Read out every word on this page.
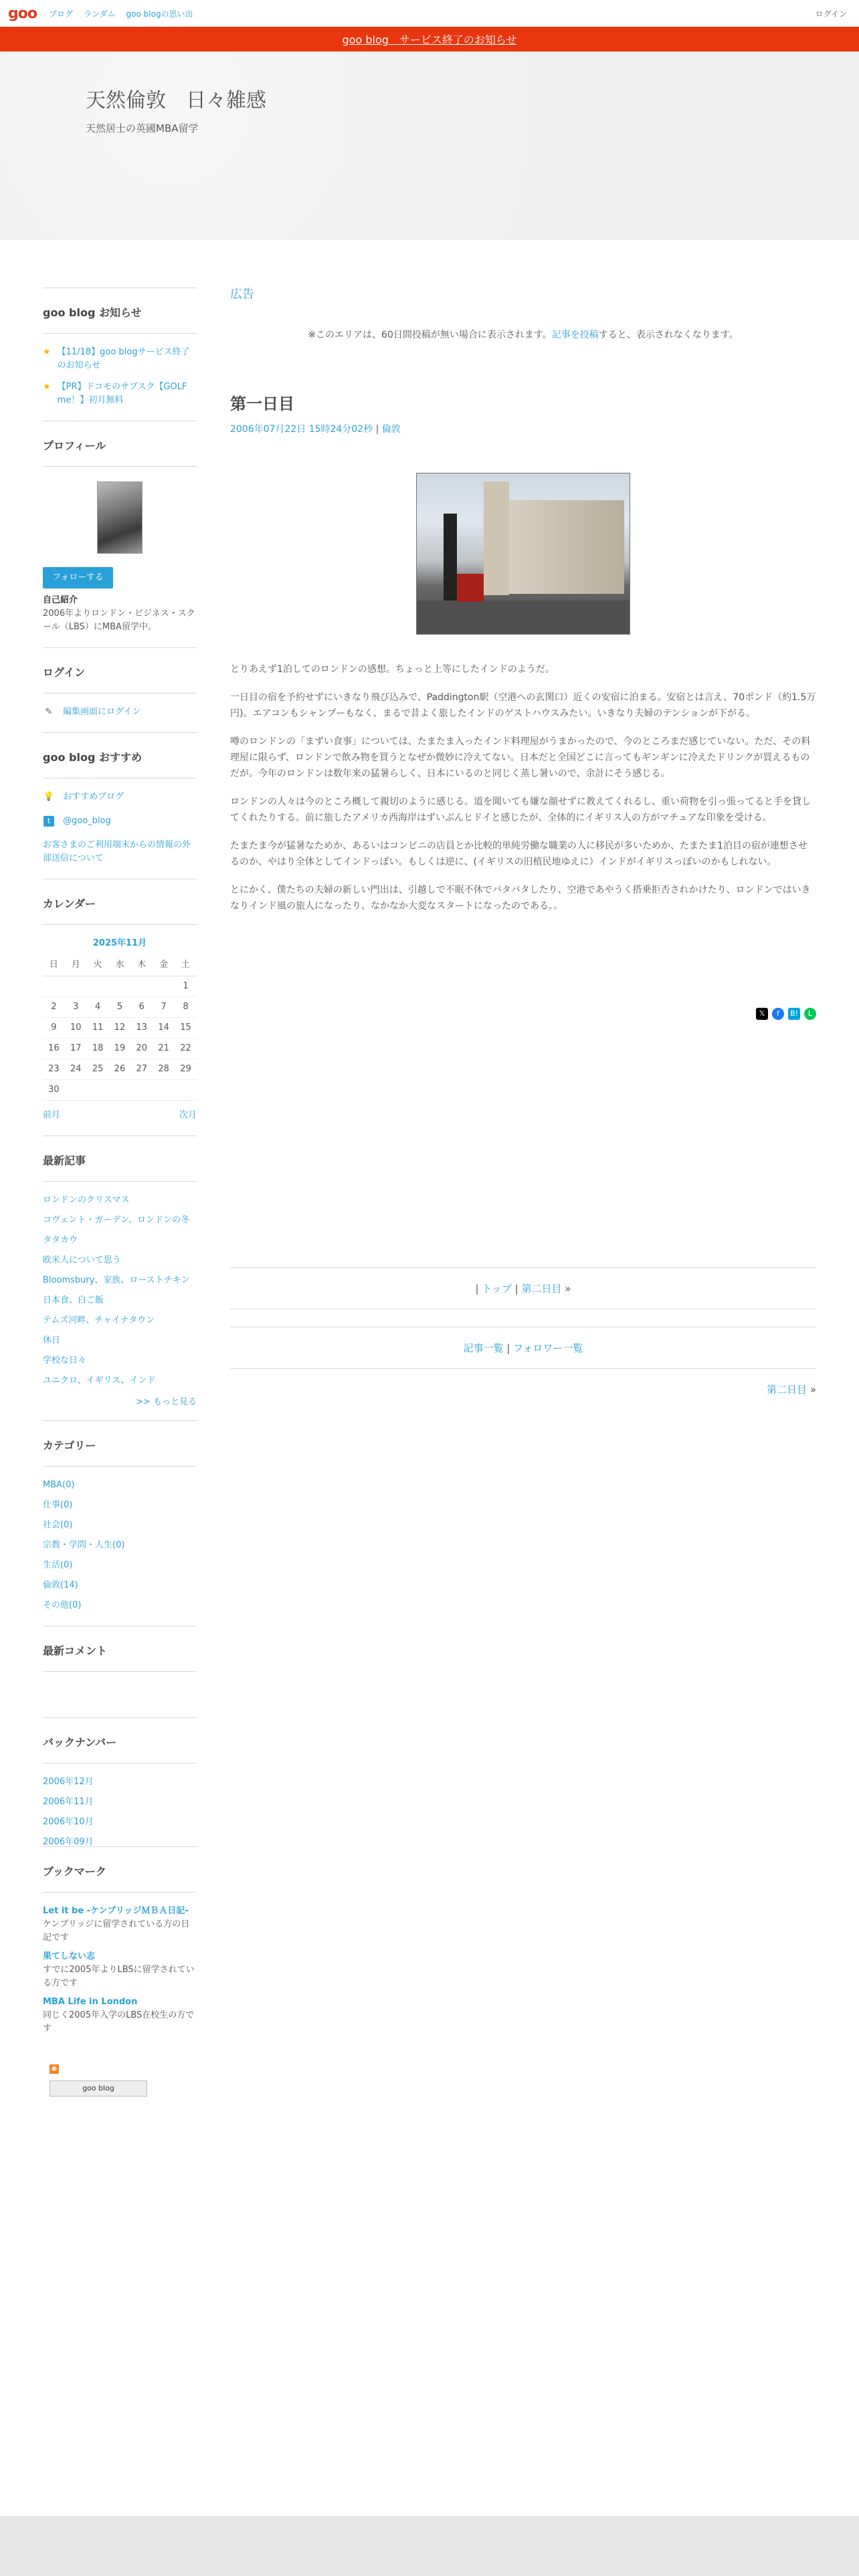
goo ブログ ランダム goo blogの思い出	ログイン
goo blog　サービス終了のお知らせ
天然倫敦　日々雑感
天然居士の英國MBA留学
goo blog お知らせ
★ 【11/18】goo blogサービス終了のお知らせ
★ 【PR】ドコモのサブスク【GOLF me！】初月無料
プロフィール
フォローする
自己紹介
2006年よりロンドン・ビジネス・スクール（LBS）にMBA留学中。
ログイン
✎ 編集画面にログイン
goo blog おすすめ
💡 おすすめブログ
t	@goo_blog
お客さまのご利用端末からの情報の外部送信について
カレンダー
2025年11月
日	月	火	水	木	金	土
						1
2	3	4	5	6	7	8
9	10	11	12	13	14	15
16	17	18	19	20	21	22
23	24	25	26	27	28	29
30						
前月	次月
最新記事
ロンドンのクリスマス
コヴェント・ガーデン、ロンドンの冬
タタカウ
欧米人について思う
Bloomsbury、家族、ローストチキン
日本食、白ご飯
テムズ河畔、チャイナタウン
休日
学校な日々
ユニクロ、イギリス、インド
>> もっと見る
カテゴリー
MBA(0)
仕事(0)
社会(0)
宗教・学問・人生(0)
生活(0)
倫敦(14)
その他(0)
最新コメント
バックナンバー
2006年12月
2006年11月
2006年10月
2006年09月
ブックマーク
Let it be -ケンブリッジＭＢＡ日記-
ケンブリッジに留学されている方の日記です
果てしない志
すでに2005年よりLBSに留学されている方です
MBA Life in London
同じく2005年入学のLBS在校生の方です
◉
goo blog
広告
※このエリアは、60日間投稿が無い場合に表示されます。記事を投稿すると、表示されなくなります。
第一日目
2006年07月22日 15時24分02秒 | 倫敦

とりあえず1泊してのロンドンの感想。ちょっと上等にしたインドのようだ。

一日目の宿を予約せずにいきなり飛び込みで、Paddington駅（空港への玄関口）近くの安宿に泊まる。安宿とは言え、70ポンド（約1.5万円)。エアコンもシャンプーもなく、まるで昔よく旅したインドのゲストハウスみたい。いきなり夫婦のテンションが下がる。

噂のロンドンの「まずい食事」については、たまたま入ったインド料理屋がうまかったので、今のところまだ感じていない。ただ、その料理屋に限らず、ロンドンで飲み物を買うとなぜか微妙に冷えてない。日本だと全国どこに言ってもギンギンに冷えたドリンクが買えるものだが。今年のロンドンは数年来の猛暑らしく、日本にいるのと同じく蒸し暑いので、余計にそう感じる。

ロンドンの人々は今のところ概して親切のように感じる。道を聞いても嫌な顔せずに教えてくれるし、重い荷物を引っ張ってると手を貸してくれたりする。前に旅したアメリカ西海岸はずいぶんヒドイと感じたが、全体的にイギリス人の方がマチュアな印象を受ける。

たまたま今が猛暑なためか、あるいはコンビニの店員とか比較的単純労働な職業の人に移民が多いためか、たまたま1泊目の宿が連想させるのか、やはり全体としてインドっぽい。もしくは逆に、(イギリスの旧植民地ゆえに）インドがイギリスっぽいのかもしれない。

とにかく、僕たちの夫婦の新しい門出は、引越しで不眠不休でバタバタしたり、空港であやうく搭乗拒否されかけたり、ロンドンではいきなりインド風の旅人になったり、なかなか大変なスタートになったのである。。

𝕏	f	B!	L
| トップ | 第二日目 »
記事一覧 | フォロワー一覧
第二日目 »
